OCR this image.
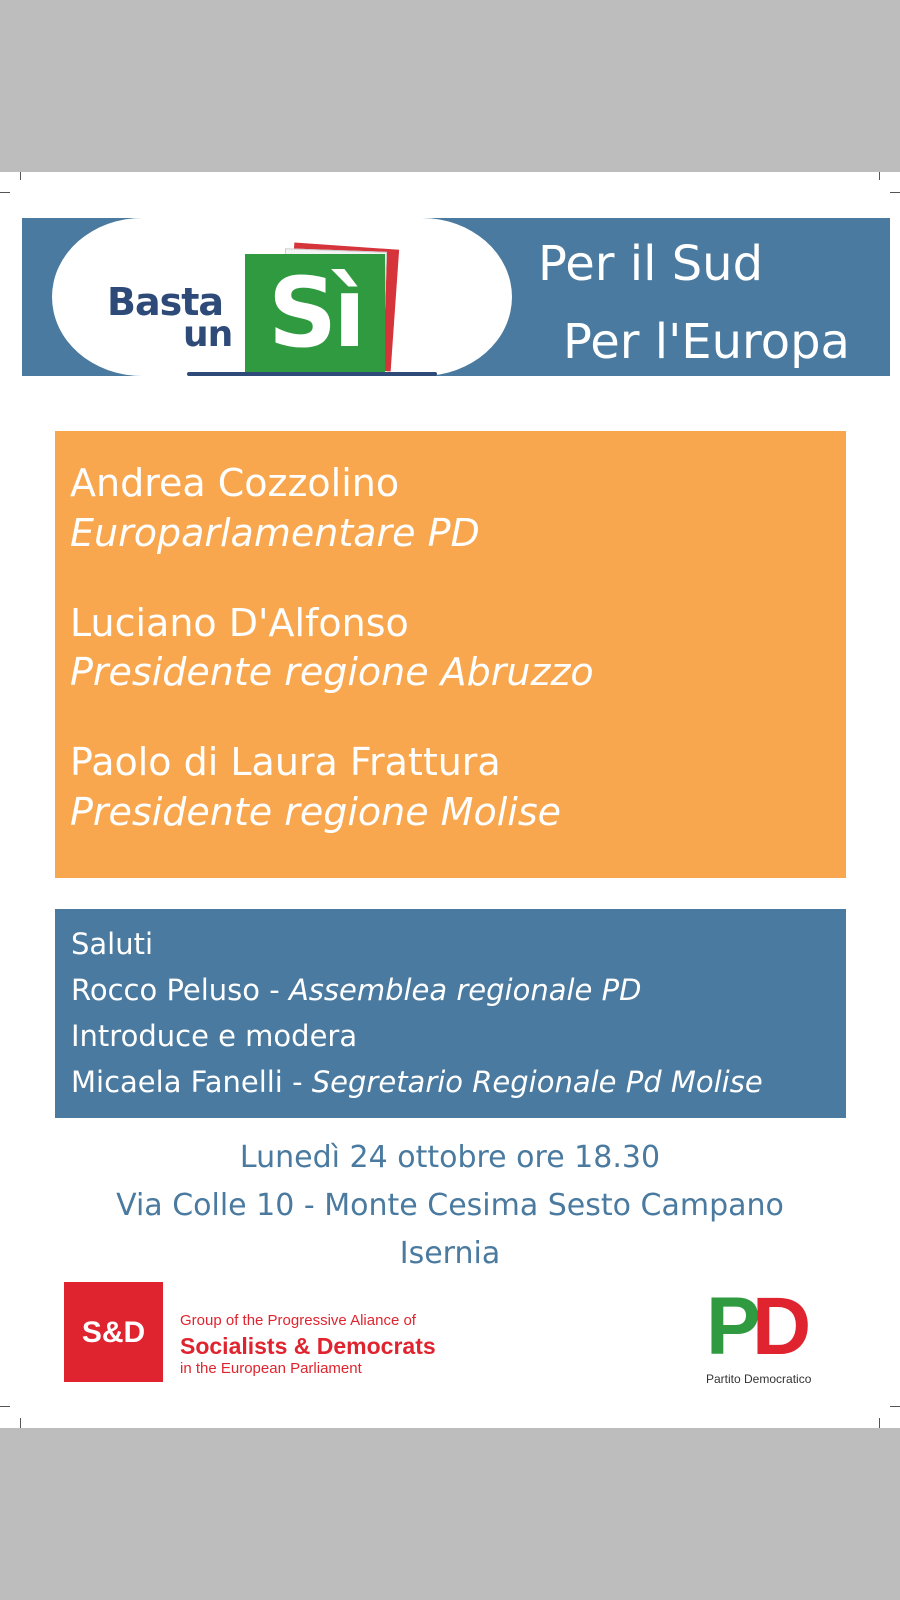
Sì
Basta
un
Per il Sud
Per l'Europa
Andrea Cozzolino
Europarlamentare PD
Luciano D'Alfonso
Presidente regione Abruzzo
Paolo di Laura Frattura
Presidente regione Molise
Saluti
Rocco Peluso - Assemblea regionale PD
Introduce e modera
Micaela Fanelli - Segretario Regionale Pd Molise
Lunedì 24 ottobre ore 18.30
Via Colle 10 - Monte Cesima Sesto Campano
Isernia
S&D	Group of the Progressive Aliance of
Socialists & Democrats
in the European Parliament	P
D
Partito Democratico
